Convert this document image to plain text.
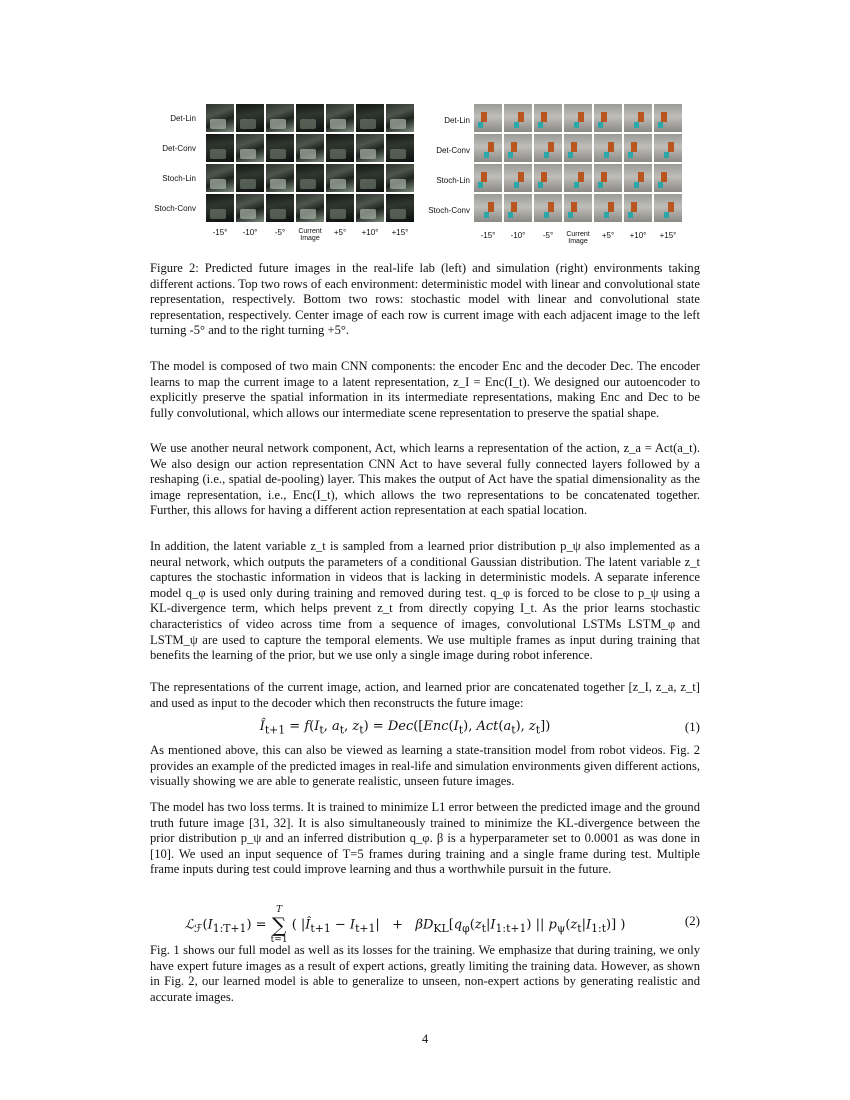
Det-Lin
Det-Conv
Stoch-Lin
Stoch-Conv
-15°	-10°	-5°	Current Image
+5°	+10°	+15°
Det-Lin
Det-Conv
Stoch-Lin
Stoch-Conv
-15°	-10°	-5°	Current Image
+5°	+10°	+15°

Figure 2: Predicted future images in the real-life lab (left) and simulation (right) environments taking different actions. Top two rows of each environment: deterministic model with linear and convolutional state representation, respectively. Bottom two rows: stochastic model with linear and convolutional state representation, respectively. Center image of each row is current image with each adjacent image to the left turning -5° and to the right turning +5°.

The model is composed of two main CNN components: the encoder Enc and the decoder Dec. The encoder learns to map the current image to a latent representation, z_I = Enc(I_t). We designed our autoencoder to explicitly preserve the spatial information in its intermediate representations, making Enc and Dec to be fully convolutional, which allows our intermediate scene representation to preserve the spatial shape.

We use another neural network component, Act, which learns a representation of the action, z_a = Act(a_t). We also design our action representation CNN Act to have several fully connected layers followed by a reshaping (i.e., spatial de-pooling) layer. This makes the output of Act have the spatial dimensionality as the image representation, i.e., Enc(I_t), which allows the two representations to be concatenated together. Further, this allows for having a different action representation at each spatial location.

In addition, the latent variable z_t is sampled from a learned prior distribution p_ψ also implemented as a neural network, which outputs the parameters of a conditional Gaussian distribution. The latent variable z_t captures the stochastic information in videos that is lacking in deterministic models. A separate inference model q_φ is used only during training and removed during test. q_φ is forced to be close to p_ψ using a KL-divergence term, which helps prevent z_t from directly copying I_t. As the prior learns stochastic characteristics of video across time from a sequence of images, convolutional LSTMs LSTM_φ and LSTM_ψ are used to capture the temporal elements. We use multiple frames as input during training that benefits the learning of the prior, but we use only a single image during robot inference.

The representations of the current image, action, and learned prior are concatenated together [z_I, z_a, z_t] and used as input to the decoder which then reconstructs the future image:

$Î_{t+1} = f(I_t$, $a_t$, $z_t) = Dec([Enc(I_t)$, $Act(a_t)$, $z_t$])	(1)

As mentioned above, this can also be viewed as learning a state-transition model from robot videos. Fig. 2 provides an example of the predicted images in real-life and simulation environments given different actions, visually showing we are able to generate realistic, unseen future images.

The model has two loss terms. It is trained to minimize L1 error between the predicted image and the ground truth future image [31, 32]. It is also simultaneously trained to minimize the KL-divergence between the prior distribution p_ψ and an inferred distribution q_φ. β is a hyperparameter set to 0.0001 as was done in [10]. We used an input sequence of T=5 frames during training and a single frame during test. Multiple frame inputs during test could improve learning and thus a worthwhile pursuit in the future.

$ℒ_ℱ(I_{1:T+1}) = T$
∑
t=1 ( $|Î_{t+1} - I_{t+1}| + \beta D_{KL}[q_\varphi(z_t|I_{1:t+1})$ || $p_\psi(z_t|I_{1:t})$] )	(2)

Fig. 1 shows our full model as well as its losses for the training. We emphasize that during training, we only have expert future images as a result of expert actions, greatly limiting the training data. However, as shown in Fig. 2, our learned model is able to generalize to unseen, non-expert actions by generating realistic and accurate images.

4
